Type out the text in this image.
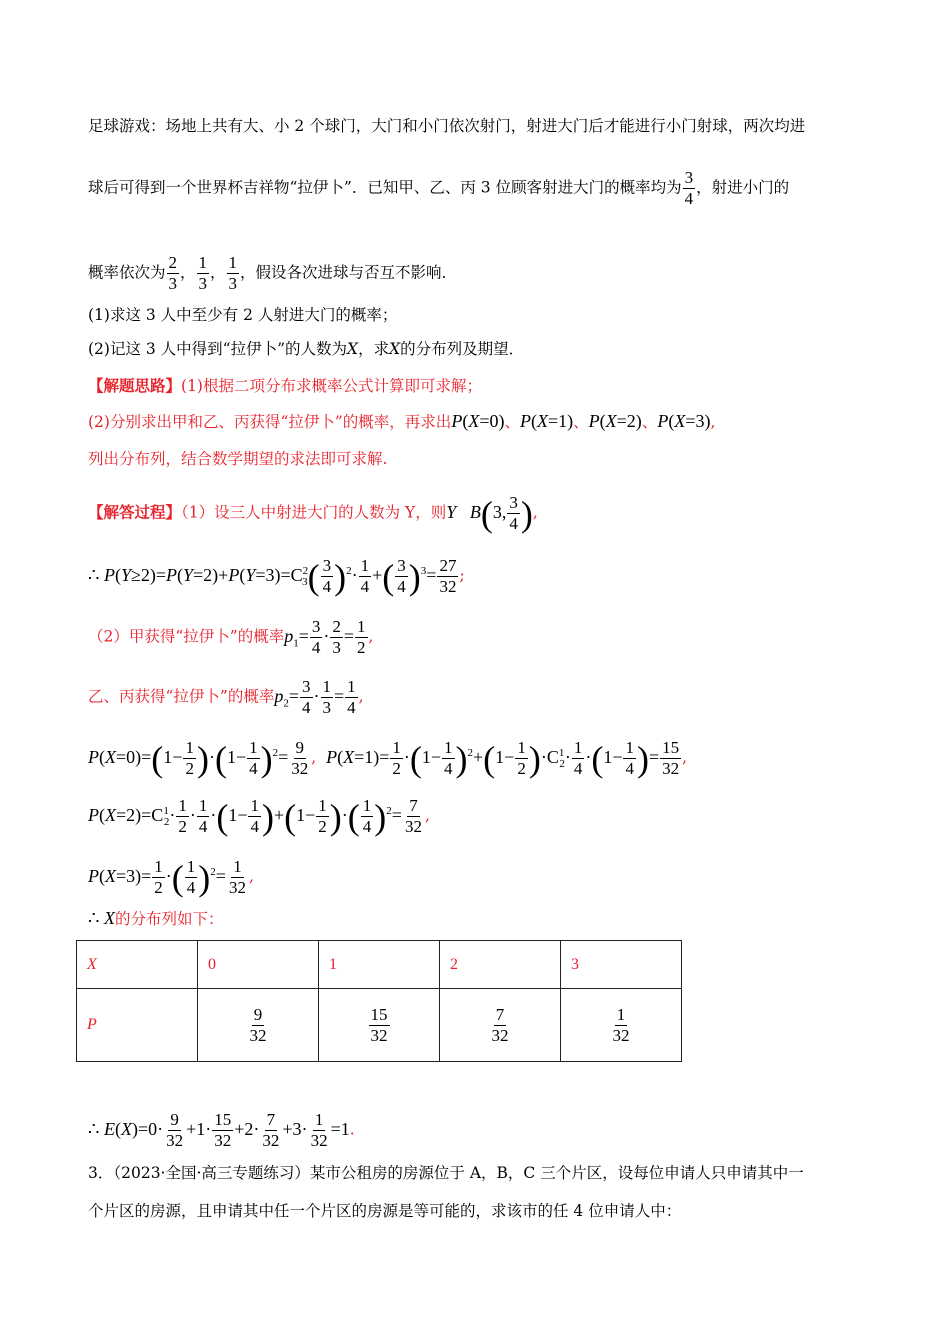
足球游戏：场地上共有大、小 2 个球门，大门和小门依次射门，射进大门后才能进行小门射球，两次均进
球后可得到一个世界杯吉祥物“拉伊卜”．已知甲、乙、丙 3 位顾客射进大门的概率均为 $\frac{3}{4}$ ，射进小门的
概率依次为 $\frac{2}{3}$ ， $\frac{1}{3}$ ， $\frac{1}{3}$ ，假设各次进球与否互不影响．
(1)求这 3 人中至少有 2 人射进大门的概率；
(2)记这 3 人中得到“拉伊卜”的人数为X，求X的分布列及期望．
【解题思路】(1)根据二项分布求概率公式计算即可求解；
(2)分别求出甲和乙、丙获得“拉伊卜”的概率，再求出P(X=0)、P(X=1)、P(X=2)、P(X=3),
列出分布列，结合数学期望的求法即可求解.
【解答过程】（1）设三人中射进大门的人数为 Y，则Y B(3, $\frac{3}{4}$ ),
∴ $P(Y\ge 2)=P(Y=2)+P(Y=3)=C^2_3( \frac{3}{4} )^2\cdot \frac{1}{4}$ +( $\frac{3}{4} )^3= \frac{27}{32}$ ;
（2）甲获得“拉伊卜”的概率$p_1= \frac{3}{4} \cdot \frac{2}{3} = \frac{1}{2}$ ,
乙、丙获得“拉伊卜”的概率$p_2= \frac{3}{4} \cdot \frac{1}{3} = \frac{1}{4}$ ,
$P(X=0)=(1- \frac{1}{2} )\cdot(1- \frac{1}{4} )^2= \frac{9}{32}$ , $P(X=1)= \frac{1}{2} \cdot(1- \frac{1}{4} )^2+(1- \frac{1}{2} )\cdot C^1_2\cdot \frac{1}{4} \cdot(1- \frac{1}{4}$ )= $\frac{15}{32}$ ,
$P(X=2)=C^1_2\cdot \frac{1}{2} \cdot \frac{1}{4} \cdot(1- \frac{1}{4} )+(1- \frac{1}{2}$ )·( $\frac{1}{4} )^2= \frac{7}{32}$ ,
$P(X=3)= \frac{1}{2}$ ·( $\frac{1}{4} )^2= \frac{1}{32}$ ,
∴ X的分布列如下：
X	0	1	2	3
P	$\frac{9}{32}$	$\frac{15}{32}$	$\frac{7}{32}$	$\frac{1}{32}$
∴ $E(X)=0\cdot \frac{9}{32} +1\cdot \frac{15}{32} +2\cdot \frac{7}{32} +3\cdot \frac{1}{32} =1$.
3．（2023·全国·高三专题练习）某市公租房的房源位于 A，B，C 三个片区，设每位申请人只申请其中一
个片区的房源，且申请其中任一个片区的房源是等可能的，求该市的任 4 位申请人中：
